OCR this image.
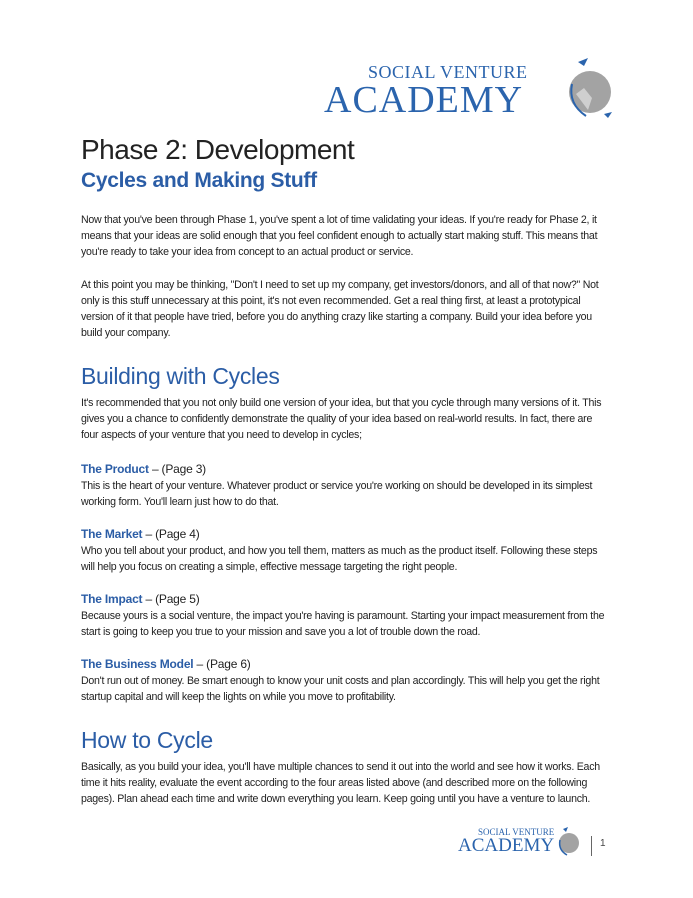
SOCIAL VENTURE
ACADEMY
Phase 2: Development
Cycles and Making Stuff

Now that you've been through Phase 1, you've spent a lot of time validating your ideas. If you're ready for Phase 2, it means that your ideas are solid enough that you feel confident enough to actually start making stuff. This means that you're ready to take your idea from concept to an actual product or service.

At this point you may be thinking, "Don't I need to set up my company, get investors/donors, and all of that now?" Not only is this stuff unnecessary at this point, it's not even recommended. Get a real thing first, at least a prototypical version of it that people have tried, before you do anything crazy like starting a company. Build your idea before you build your company.

Building with Cycles

It's recommended that you not only build one version of your idea, but that you cycle through many versions of it. This gives you a chance to confidently demonstrate the quality of your idea based on real-world results. In fact, there are four aspects of your venture that you need to develop in cycles;

The Product – (Page 3)

This is the heart of your venture. Whatever product or service you're working on should be developed in its simplest working form. You'll learn just how to do that.

The Market – (Page 4)

Who you tell about your product, and how you tell them, matters as much as the product itself. Following these steps will help you focus on creating a simple, effective message targeting the right people.

The Impact – (Page 5)

Because yours is a social venture, the impact you're having is paramount. Starting your impact measurement from the start is going to keep you true to your mission and save you a lot of trouble down the road.

The Business Model – (Page 6)

Don't run out of money. Be smart enough to know your unit costs and plan accordingly. This will help you get the right startup capital and will keep the lights on while you move to profitability.

How to Cycle

Basically, as you build your idea, you'll have multiple chances to send it out into the world and see how it works. Each time it hits reality, evaluate the event according to the four areas listed above (and described more on the following pages). Plan ahead each time and write down everything you learn. Keep going until you have a venture to launch.

SOCIAL VENTURE
ACADEMY	1
